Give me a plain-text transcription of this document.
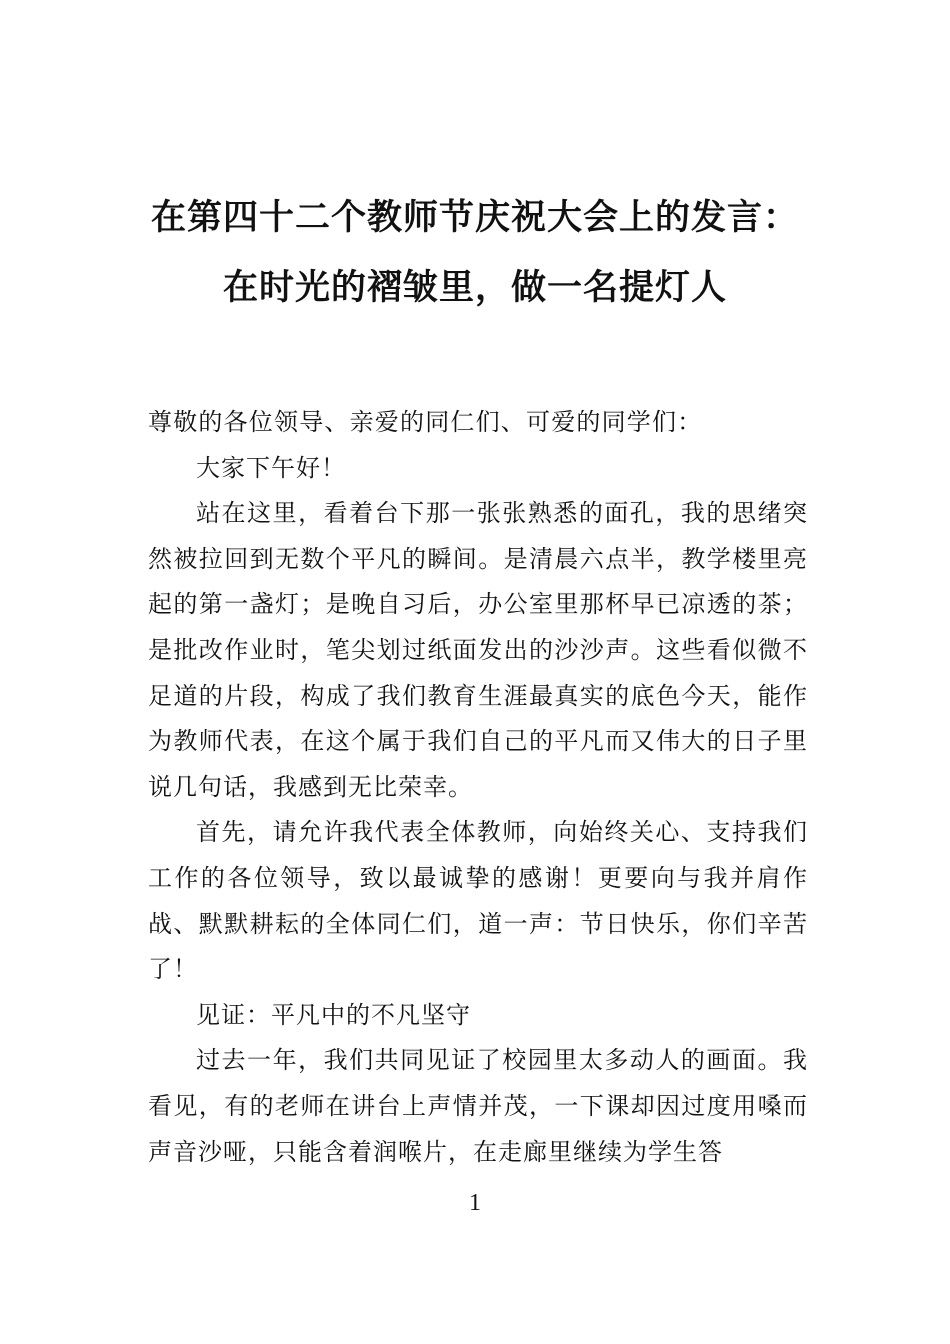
在第四十二个教师节庆祝大会上的发言：
在时光的褶皱里，做一名提灯人

尊敬的各位领导、亲爱的同仁们、可爱的同学们：

大家下午好！

站在这里，看着台下那一张张熟悉的面孔，我的思绪突然被拉回到无数个平凡的瞬间。是清晨六点半，教学楼里亮起的第一盏灯；是晚自习后，办公室里那杯早已凉透的茶；是批改作业时，笔尖划过纸面发出的沙沙声。这些看似微不足道的片段，构成了我们教育生涯最真实的底色今天，能作为教师代表，在这个属于我们自己的平凡而又伟大的日子里说几句话，我感到无比荣幸。

首先，请允许我代表全体教师，向始终关心、支持我们工作的各位领导，致以最诚挚的感谢！更要向与我并肩作战、默默耕耘的全体同仁们，道一声：节日快乐，你们辛苦了！

见证：平凡中的不凡坚守

过去一年，我们共同见证了校园里太多动人的画面。我看见，有的老师在讲台上声情并茂，一下课却因过度用嗓而声音沙哑，只能含着润喉片，在走廊里继续为学生答

1
